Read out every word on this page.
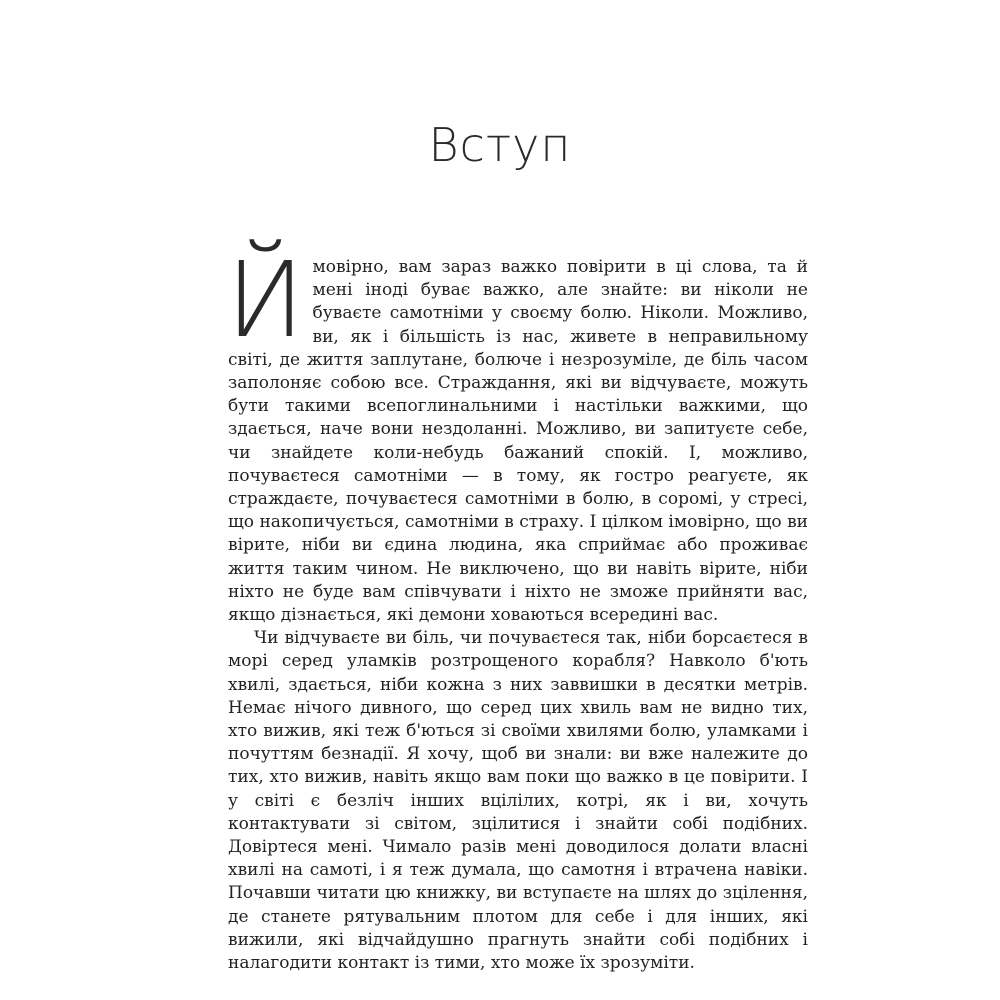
Вступ

Ймовірно, вам зараз важко повірити в ці слова, та й мені іноді буває важко, але знайте: ви ніколи не буваєте самотніми у своєму болю. Ніколи. Можливо, ви, як і більшість із нас, живете в неправильному світі, де життя заплутане, болюче і незрозуміле, де біль часом заполоняє собою все. Страждання, які ви відчуваєте, можуть бути такими всепоглинальними і настільки важкими, що здається, наче вони нездоланні. Можливо, ви запитуєте себе, чи знайдете коли-небудь бажаний спокій. І, можливо, почуваєтеся самотніми — в тому, як гостро реагуєте, як страждаєте, почуваєтеся самотніми в болю, в соромі, у стресі, що накопичується, самотніми в страху. І цілком імовірно, що ви вірите, ніби ви єдина людина, яка сприймає або проживає життя таким чином. Не виключено, що ви навіть вірите, ніби ніхто не буде вам співчувати і ніхто не зможе прийняти вас, якщо дізнається, які демони ховаються всередині вас.

Чи відчуваєте ви біль, чи почуваєтеся так, ніби борсаєтеся в морі серед уламків розтрощеного корабля? Навколо б'ють хвилі, здається, ніби кожна з них заввишки в десятки метрів. Немає нічого дивного, що серед цих хвиль вам не видно тих, хто вижив, які теж б'ються зі своїми хвилями болю, уламками і почуттям безнадії. Я хочу, щоб ви знали: ви вже належите до тих, хто вижив, навіть якщо вам поки що важко в це повірити. І у світі є безліч інших вцілілих, котрі, як і ви, хочуть контактувати зі світом, зцілитися і знайти собі подібних. Довіртеся мені. Чимало разів мені доводилося долати власні хвилі на самоті, і я теж думала, що самотня і втрачена навіки. Почавши читати цю книжку, ви вступаєте на шлях до зцілення, де станете рятувальним плотом для себе і для інших, які вижили, які відчайдушно прагнуть знайти собі подібних і налагодити контакт із тими, хто може їх зрозуміти.
